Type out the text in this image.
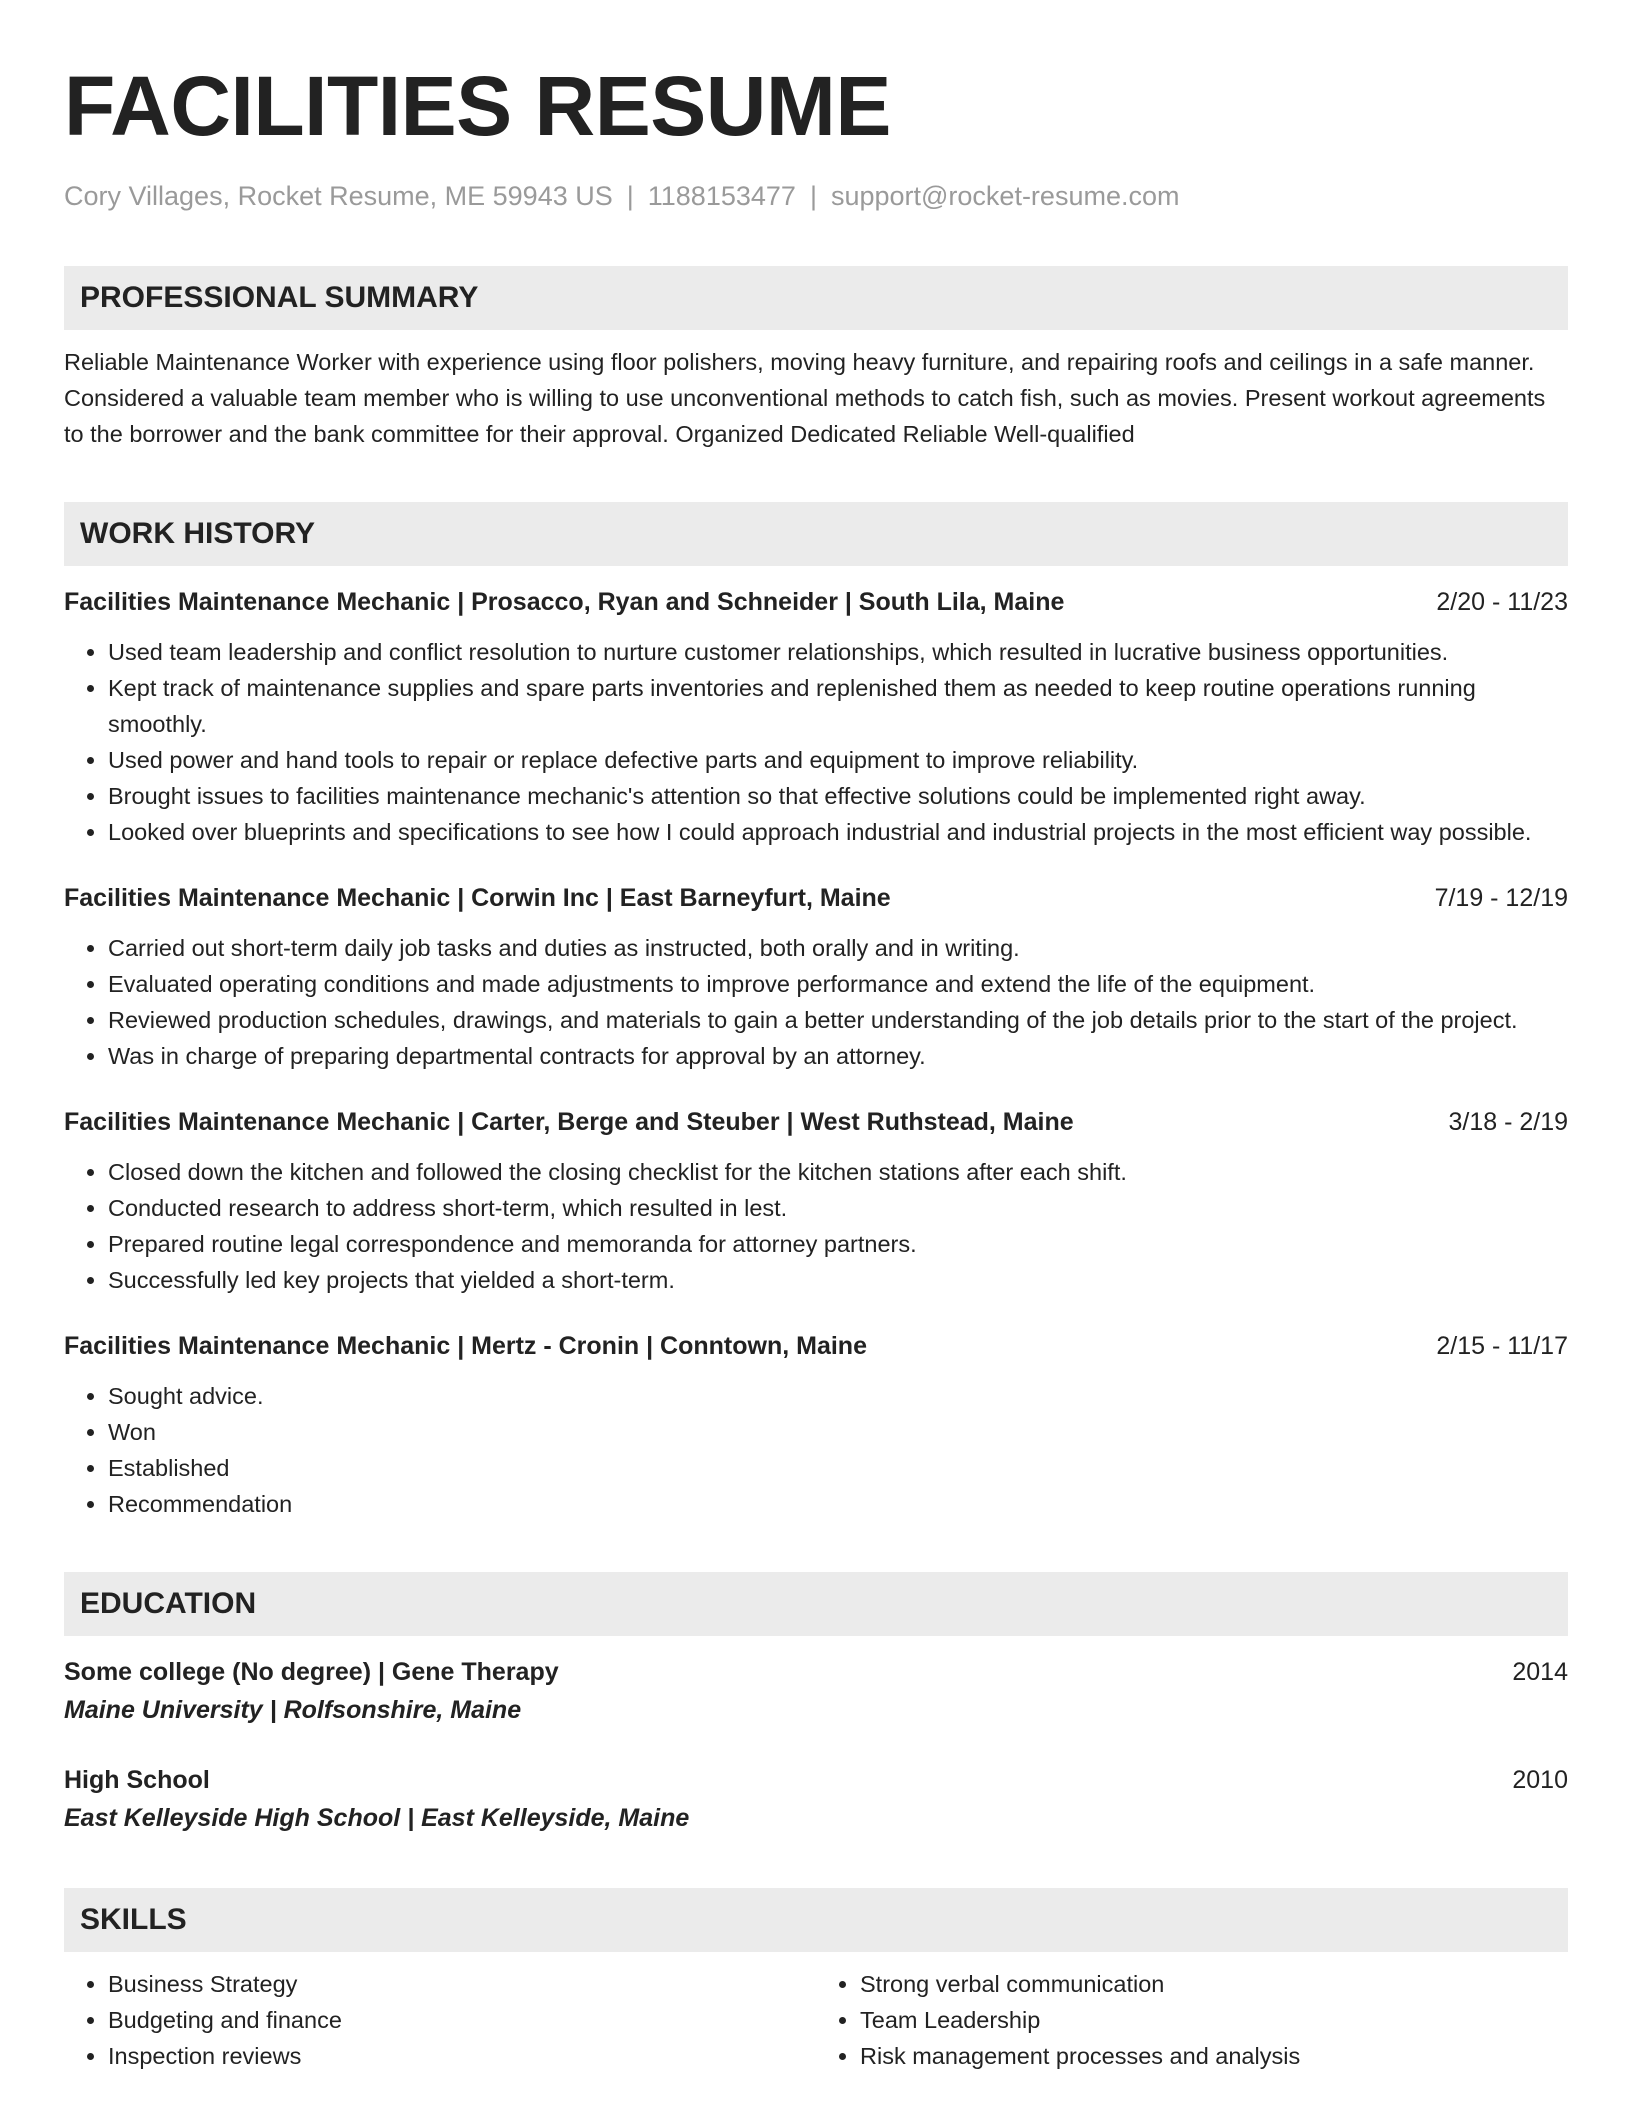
FACILITIES RESUME
Cory Villages, Rocket Resume, ME 59943 US | 1188153477 | support@rocket-resume.com
PROFESSIONAL SUMMARY
Reliable Maintenance Worker with experience using floor polishers, moving heavy furniture, and repairing roofs and ceilings in a safe manner. Considered a valuable team member who is willing to use unconventional methods to catch fish, such as movies. Present workout agreements to the borrower and the bank committee for their approval. Organized Dedicated Reliable Well-qualified
WORK HISTORY
Facilities Maintenance Mechanic | Prosacco, Ryan and Schneider | South Lila, Maine	2/20 - 11/23
• Used team leadership and conflict resolution to nurture customer relationships, which resulted in lucrative business opportunities.
• Kept track of maintenance supplies and spare parts inventories and replenished them as needed to keep routine operations running smoothly.
• Used power and hand tools to repair or replace defective parts and equipment to improve reliability.
• Brought issues to facilities maintenance mechanic's attention so that effective solutions could be implemented right away.
• Looked over blueprints and specifications to see how I could approach industrial and industrial projects in the most efficient way possible.
Facilities Maintenance Mechanic | Corwin Inc | East Barneyfurt, Maine	7/19 - 12/19
• Carried out short-term daily job tasks and duties as instructed, both orally and in writing.
• Evaluated operating conditions and made adjustments to improve performance and extend the life of the equipment.
• Reviewed production schedules, drawings, and materials to gain a better understanding of the job details prior to the start of the project.
• Was in charge of preparing departmental contracts for approval by an attorney.
Facilities Maintenance Mechanic | Carter, Berge and Steuber | West Ruthstead, Maine	3/18 - 2/19
• Closed down the kitchen and followed the closing checklist for the kitchen stations after each shift.
• Conducted research to address short-term, which resulted in lest.
• Prepared routine legal correspondence and memoranda for attorney partners.
• Successfully led key projects that yielded a short-term.
Facilities Maintenance Mechanic | Mertz - Cronin | Conntown, Maine	2/15 - 11/17
• Sought advice.
• Won
• Established
• Recommendation
EDUCATION
Some college (No degree) | Gene Therapy	2014
Maine University | Rolfsonshire, Maine
High School	2010
East Kelleyside High School | East Kelleyside, Maine
SKILLS
• Business Strategy
• Budgeting and finance
• Inspection reviews
• Strong verbal communication
• Team Leadership
• Risk management processes and analysis
